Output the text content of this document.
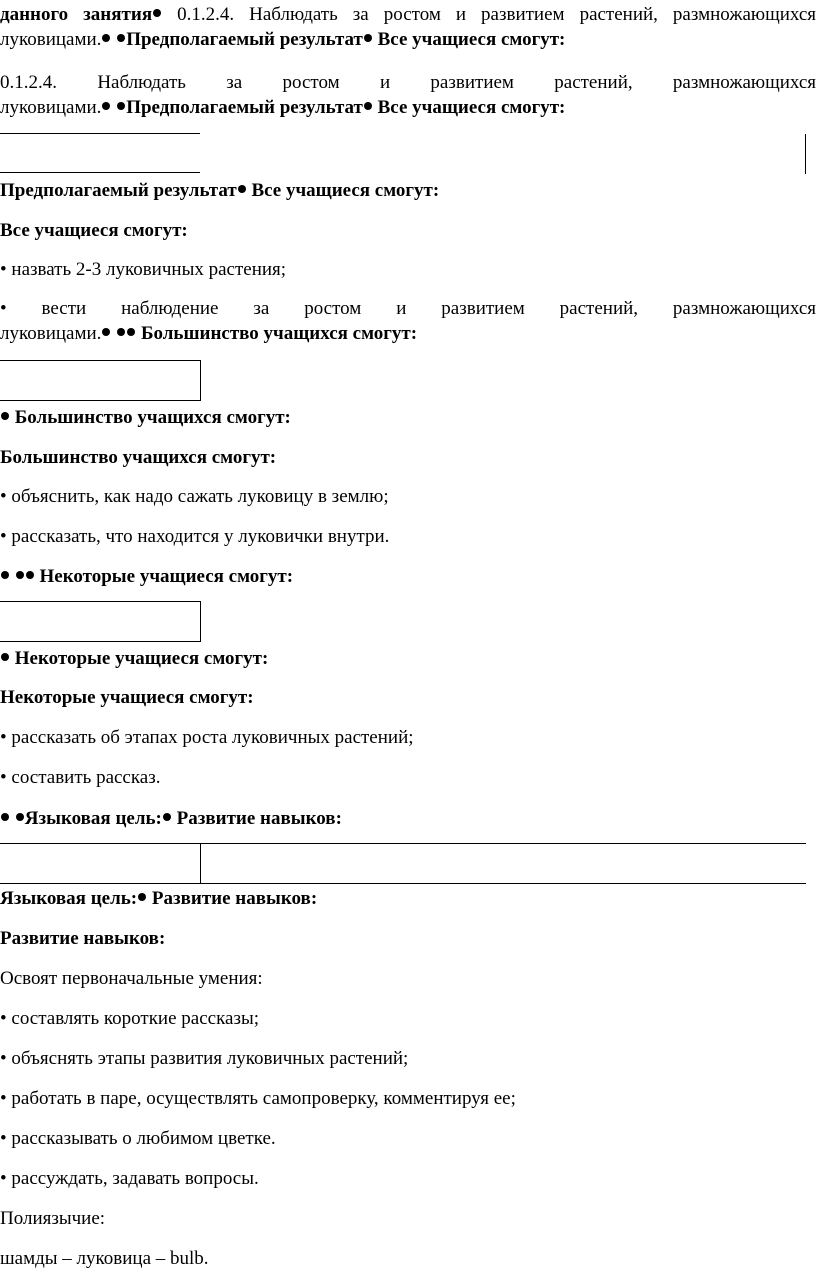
данного занятия 0.1.2.4. Наблюдать за ростом и развитием растений, размножающихся
луковицами. Предполагаемый результат Все учащиеся смогут:
0.1.2.4. Наблюдать за ростом и развитием растений, размножающихся
луковицами. Предполагаемый результат Все учащиеся смогут:
Предполагаемый результат Все учащиеся смогут:
Все учащиеся смогут:
• назвать 2-3 луковичных растения;
• вести наблюдение за ростом и развитием растений, размножающихся
луковицами.  Большинство учащихся смогут:
Большинство учащихся смогут:
Большинство учащихся смогут:
• объяснить, как надо сажать луковицу в землю;
• рассказать, что находится у луковички внутри.
Некоторые учащиеся смогут:
Некоторые учащиеся смогут:
Некоторые учащиеся смогут:
• рассказать об этапах роста луковичных растений;
• составить рассказ.
Языковая цель: Развитие навыков:
Языковая цель: Развитие навыков:
Развитие навыков:
Освоят первоначальные умения:
• составлять короткие рассказы;
• объяснять этапы развития луковичных растений;
• работать в паре, осуществлять самопроверку, комментируя ее;
• рассказывать о любимом цветке.
• рассуждать, задавать вопросы.
Полиязычие:
шамды – луковица – bulb.
